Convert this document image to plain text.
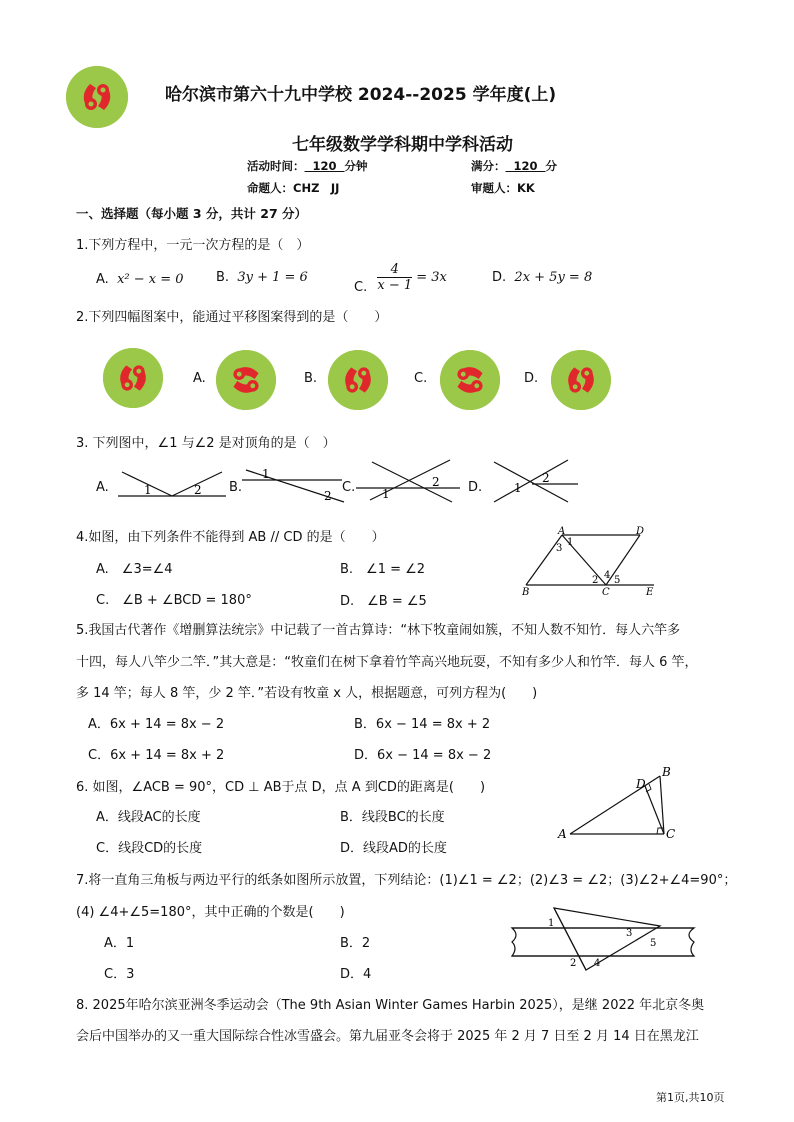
哈尔滨市第六十九中学校 2024--2025 学年度(上)
七年级数学学科期中学科活动
活动时间： 120 分钟	满分： 120 分
命题人：CHZ　JJ	审题人：KK
一、选择题（每小题 3 分，共计 27 分）
1.下列方程中，一元一次方程的是（　）
A. x² − x = 0 B. 3y + 1 = 6
C. $\frac{4}{x - 1} = 3x$	D. 2x + 5y = 8
2.下列四幅图案中，能通过平移图案得到的是（　　）
A.	B.	C.	D.
3. 下列图中，∠1 与∠2 是对顶角的是（　）
A.	1	2 B.
1
2
C. 1
2 D.	1
2
4.如图，由下列条件不能得到 AB // CD 的是（　　）
A.　∠3=∠4	B.　∠1 = ∠2
C.　∠B + ∠BCD = 180°	D.　∠B = ∠5
A	D
B	C	E
1
3
2 4 5
5.我国古代著作《增删算法统宗》中记载了一首古算诗：“林下牧童闹如簇，不知人数不知竹．每人六竿多
十四，每人八竿少二竿．”其大意是：“牧童们在树下拿着竹竿高兴地玩耍，不知有多少人和竹竿．每人 6 竿，
多 14 竿；每人 8 竿，少 2 竿．”若设有牧童 x 人，根据题意，可列方程为(　　)
A．6x + 14 = 8x − 2	B．6x − 14 = 8x + 2
C．6x + 14 = 8x + 2	D．6x − 14 = 8x − 2
6. 如图，∠ACB = 90°，CD ⊥ AB于点 D，点 A 到CD的距离是(　　)
A．线段AC的长度	B．线段BC的长度
C．线段CD的长度	D．线段AD的长度
A
B
C
D
7.将一直角三角板与两边平行的纸条如图所示放置，下列结论：(1)∠1 = ∠2；(2)∠3 = ∠2；(3)∠2+∠4=90°；
(4) ∠4+∠5=180°，其中正确的个数是(　　)
A．1	B．2
C．3	D．4
1
2
3
4
5
8. 2025年哈尔滨亚洲冬季运动会（The 9th Asian Winter Games Harbin 2025），是继 2022 年北京冬奥
会后中国举办的又一重大国际综合性冰雪盛会。第九届亚冬会将于 2025 年 2 月 7 日至 2 月 14 日在黑龙江
第1页,共10页
